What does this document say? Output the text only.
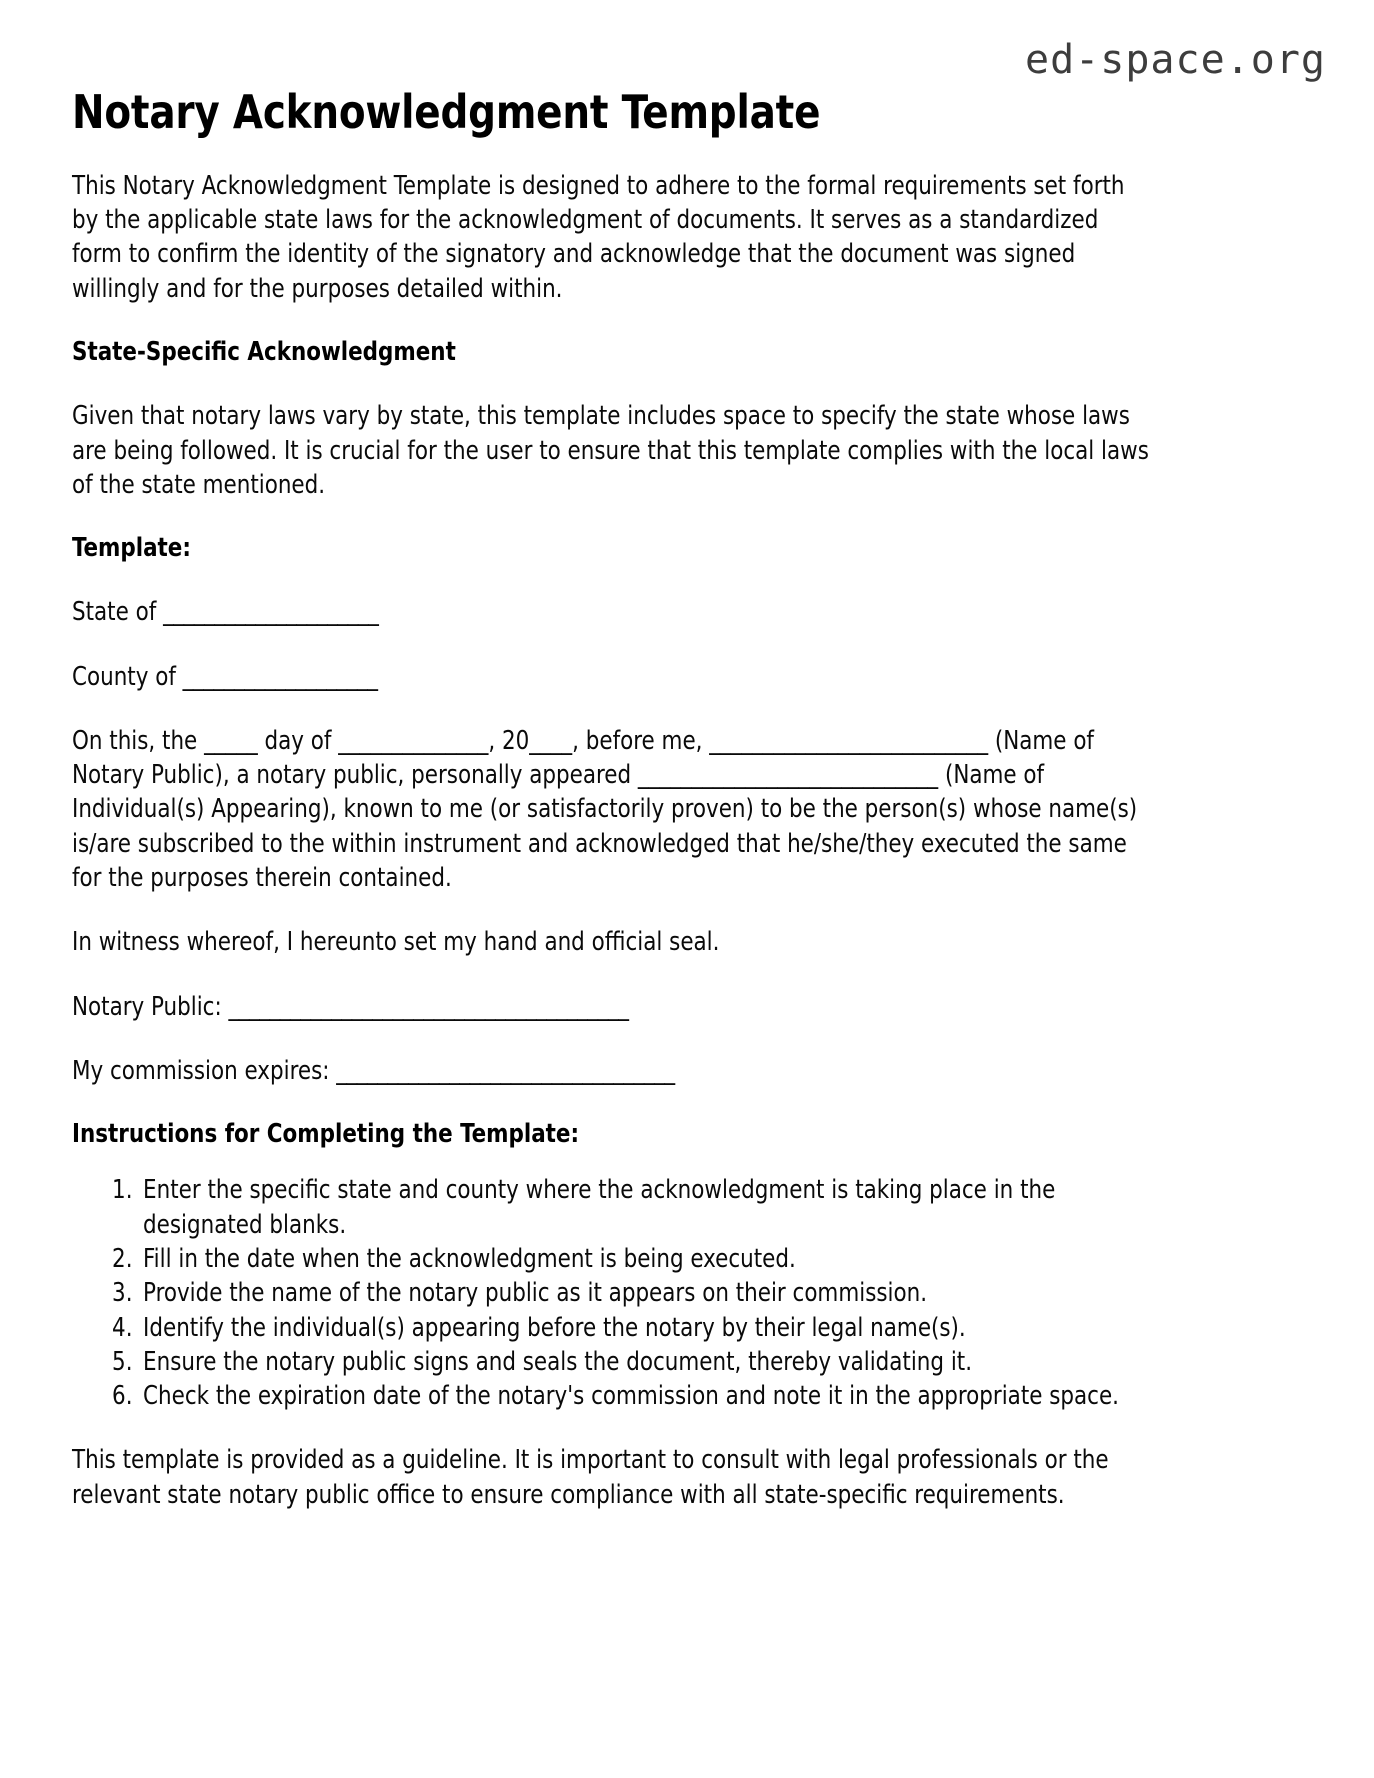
ed-space.org
Notary Acknowledgment Template

This Notary Acknowledgment Template is designed to adhere to the formal requirements set forth by the applicable state laws for the acknowledgment of documents. It serves as a standardized form to confirm the identity of the signatory and acknowledge that the document was signed willingly and for the purposes detailed within.

State-Specific Acknowledgment

Given that notary laws vary by state, this template includes space to specify the state whose laws are being followed. It is crucial for the user to ensure that this template complies with the local laws of the state mentioned.

Template:

State of _____________________

County of ___________________

On this, the _____ day of ______________, 20____, before me, __________________________ (Name of Notary Public), a notary public, personally appeared ____________________________ (Name of Individual(s) Appearing), known to me (or satisfactorily proven) to be the person(s) whose name(s) is/are subscribed to the within instrument and acknowledged that he/she/they executed the same for the purposes therein contained.

In witness whereof, I hereunto set my hand and official seal.

Notary Public: _______________________________________

My commission expires: _________________________________

Instructions for Completing the Template:
1. Enter the specific state and county where the acknowledgment is taking place in the designated blanks.
2. Fill in the date when the acknowledgment is being executed.
3. Provide the name of the notary public as it appears on their commission.
4. Identify the individual(s) appearing before the notary by their legal name(s).
5. Ensure the notary public signs and seals the document, thereby validating it.
6. Check the expiration date of the notary's commission and note it in the appropriate space.

This template is provided as a guideline. It is important to consult with legal professionals or the relevant state notary public office to ensure compliance with all state-specific requirements.
